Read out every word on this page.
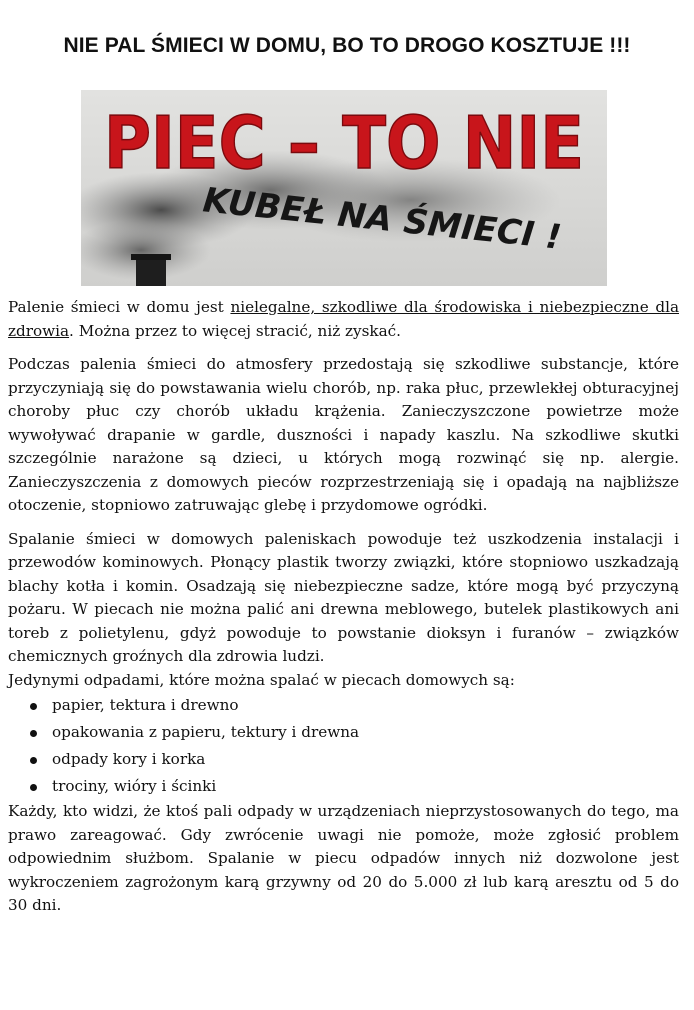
NIE PAL ŚMIECI W DOMU, BO TO DROGO KOSZTUJE !!!
PIEC – TO NIE
KUBEŁ NA ŚMIECI !

Palenie śmieci w domu jest nielegalne, szkodliwe dla środowiska i niebezpieczne dla zdrowia. Można przez to więcej stracić, niż zyskać.

Podczas palenia śmieci do atmosfery przedostają się szkodliwe substancje, które przyczyniają się do powstawania wielu chorób, np. raka płuc, przewlekłej obturacyjnej choroby płuc czy chorób układu krążenia. Zanieczyszczone powietrze może wywoływać drapanie w gardle, duszności i napady kaszlu. Na szkodliwe skutki szczególnie narażone są dzieci, u których mogą rozwinąć się np. alergie. Zanieczyszczenia z domowych pieców rozprzestrzeniają się i opadają na najbliższe otoczenie, stopniowo zatruwając glebę i przydomowe ogródki.

Spalanie śmieci w domowych paleniskach powoduje też uszkodzenia instalacji i przewodów kominowych. Płonący plastik tworzy związki, które stopniowo uszkadzają blachy kotła i komin. Osadzają się niebezpieczne sadze, które mogą być przyczyną pożaru. W piecach nie można palić ani drewna meblowego, butelek plastikowych ani toreb z polietylenu, gdyż powoduje to powstanie dioksyn i furanów – związków chemicznych groźnych dla zdrowia ludzi.

Jedynymi odpadami, które można spalać w piecach domowych są:

papier, tektura i drewno
opakowania z papieru, tektury i drewna
odpady kory i korka
trociny, wióry i ścinki

Każdy, kto widzi, że ktoś pali odpady w urządzeniach nieprzystosowanych do tego, ma prawo zareagować. Gdy zwrócenie uwagi nie pomoże, może zgłosić problem odpowiednim służbom. Spalanie w piecu odpadów innych niż dozwolone jest wykroczeniem zagrożonym karą grzywny od 20 do 5.000 zł lub karą aresztu od 5 do 30 dni.
